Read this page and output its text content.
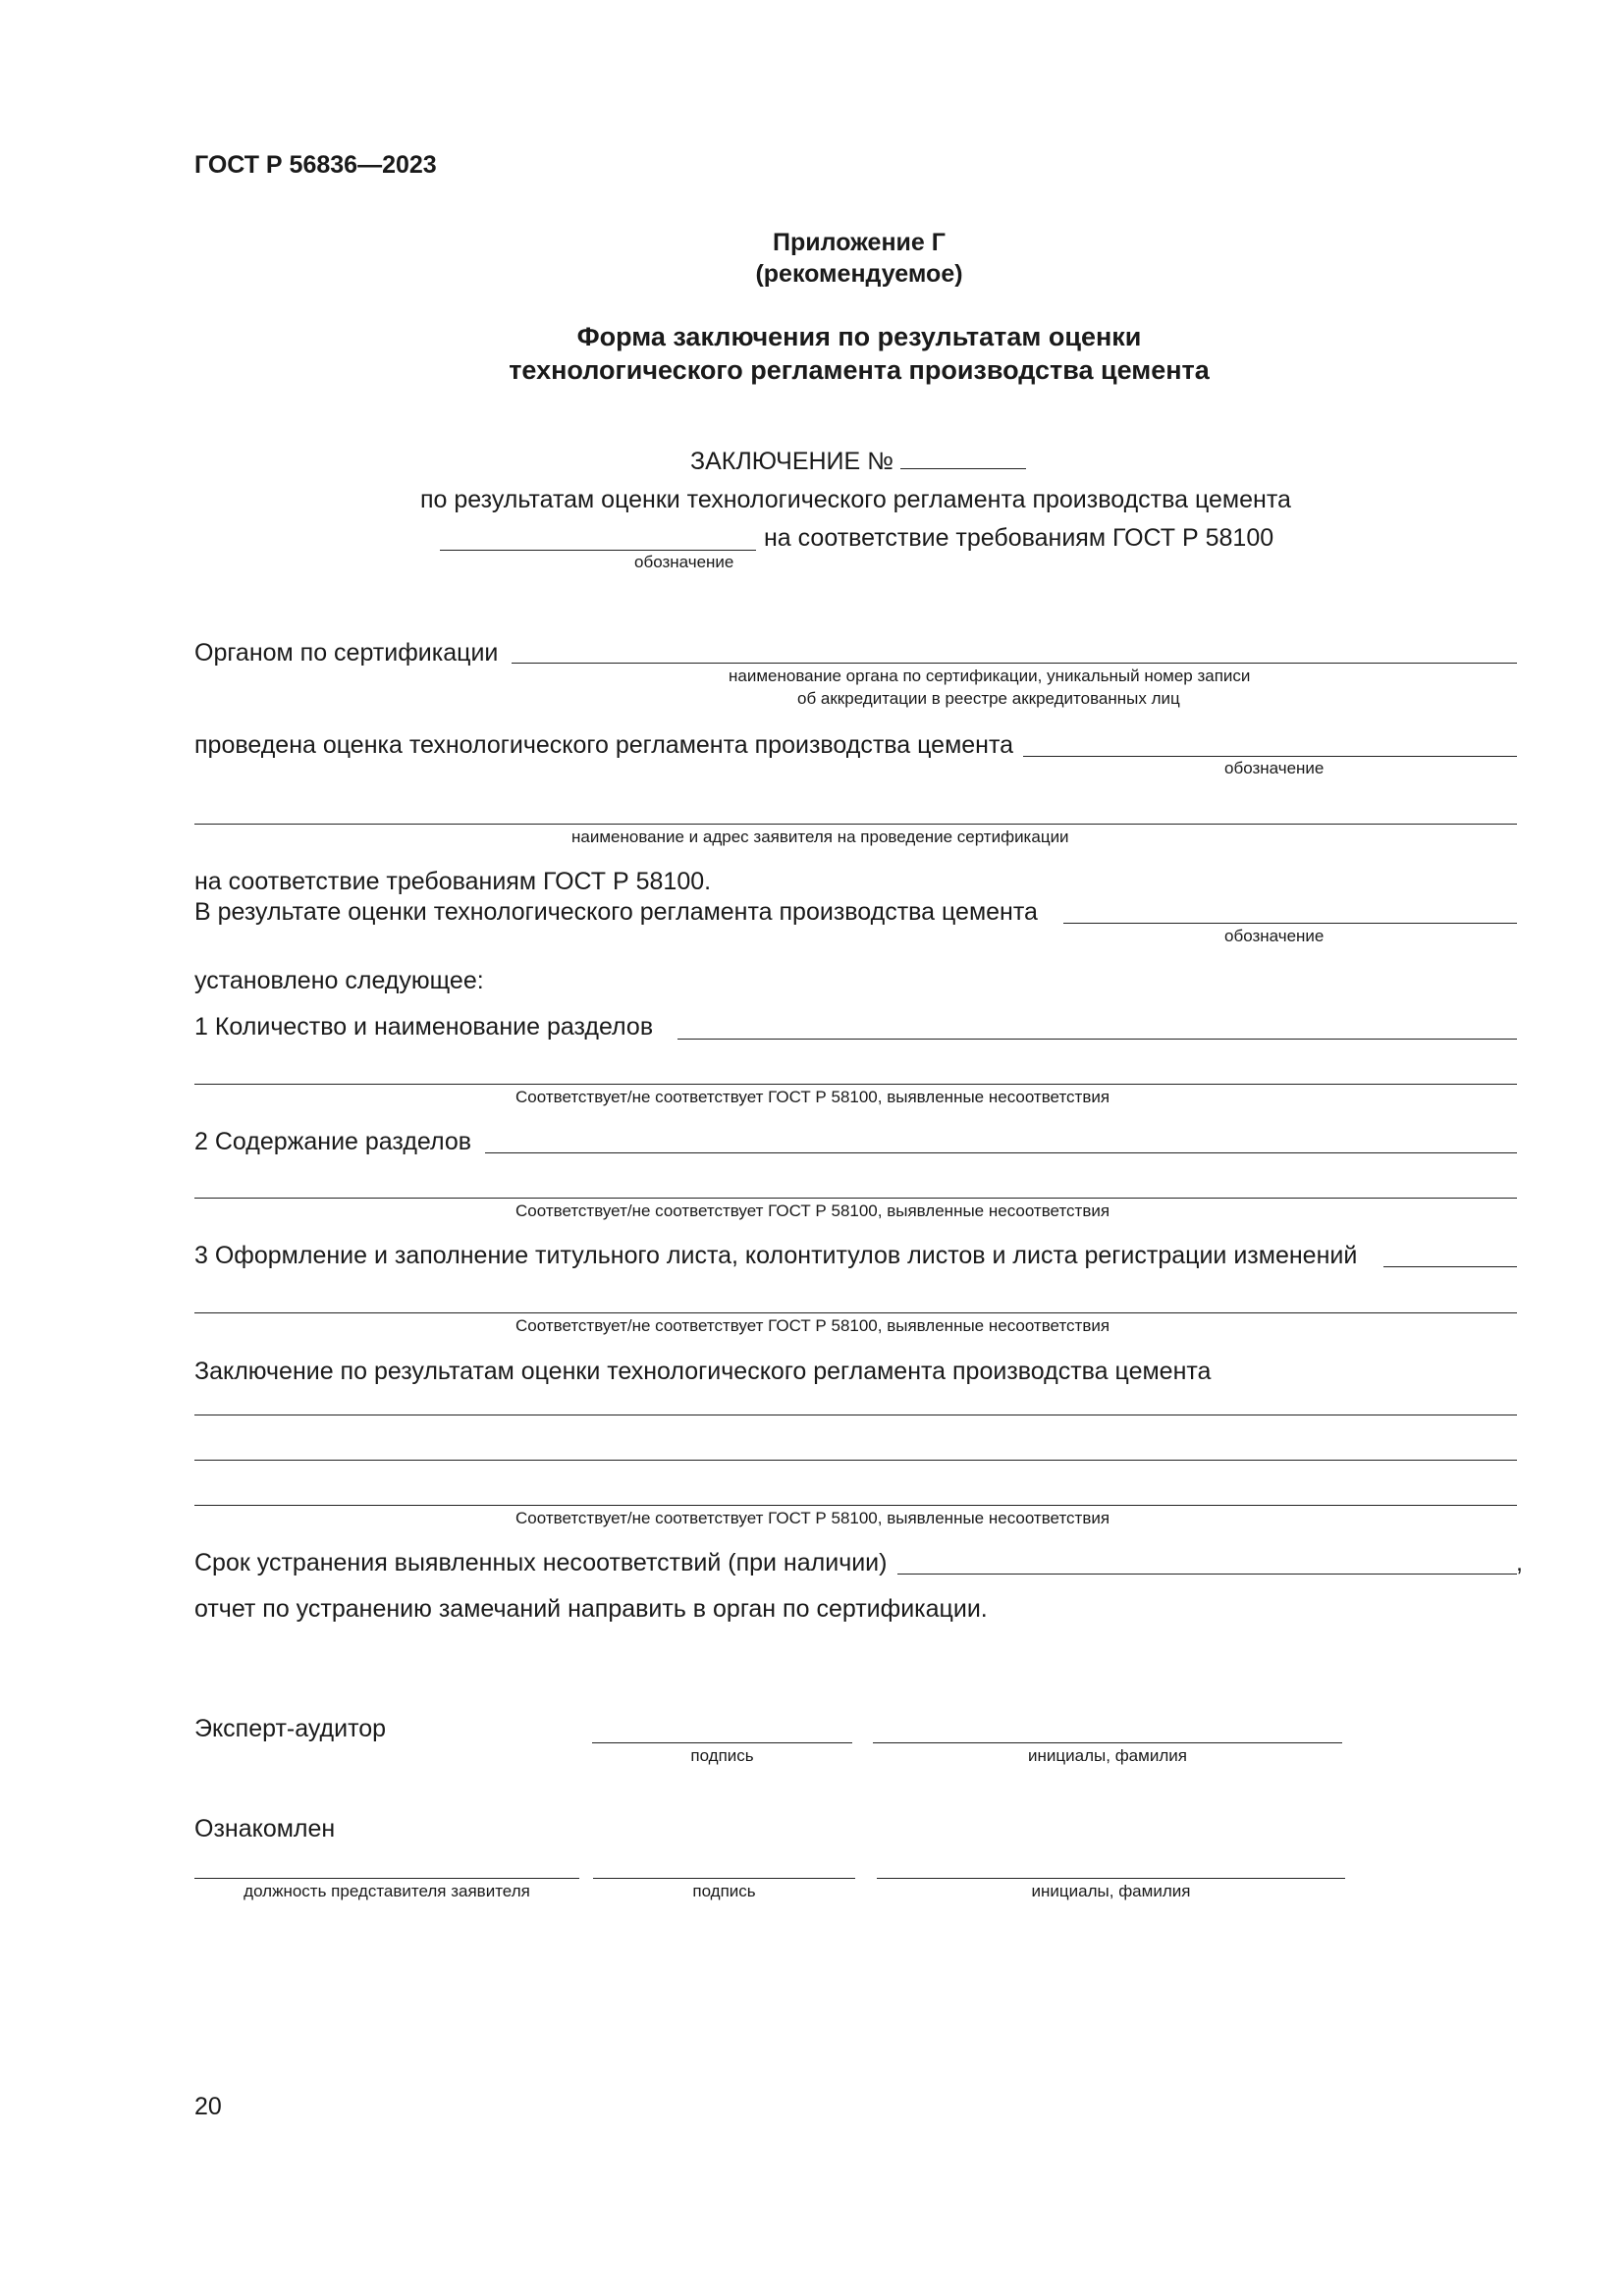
ГОСТ Р 56836—2023
Приложение Г
(рекомендуемое)
Форма заключения по результатам оценки
технологического регламента производства цемента
ЗАКЛЮЧЕНИЕ №
по результатам оценки технологического регламента производства цемента
на соответствие требованиям ГОСТ Р 58100
обозначение
Органом по сертификации
наименование органа по сертификации, уникальный номер записи
об аккредитации в реестре аккредитованных лиц
проведена оценка технологического регламента производства цемента
обозначение
наименование и адрес заявителя на проведение сертификации
на соответствие требованиям ГОСТ Р 58100.
В результате оценки технологического регламента производства цемента
обозначение
установлено следующее:
1 Количество и наименование разделов
Соответствует/не соответствует ГОСТ Р 58100, выявленные несоответствия
2 Содержание разделов
Соответствует/не соответствует ГОСТ Р 58100, выявленные несоответствия
3 Оформление и заполнение титульного листа, колонтитулов листов и листа регистрации изменений
Соответствует/не соответствует ГОСТ Р 58100, выявленные несоответствия
Заключение по результатам оценки технологического регламента производства цемента
Соответствует/не соответствует ГОСТ Р 58100, выявленные несоответствия
Срок устранения выявленных несоответствий (при наличии)	,
отчет по устранению замечаний направить в орган по сертификации.
Эксперт-аудитор
подпись	инициалы, фамилия
Ознакомлен
должность представителя заявителя	подпись	инициалы, фамилия
20
